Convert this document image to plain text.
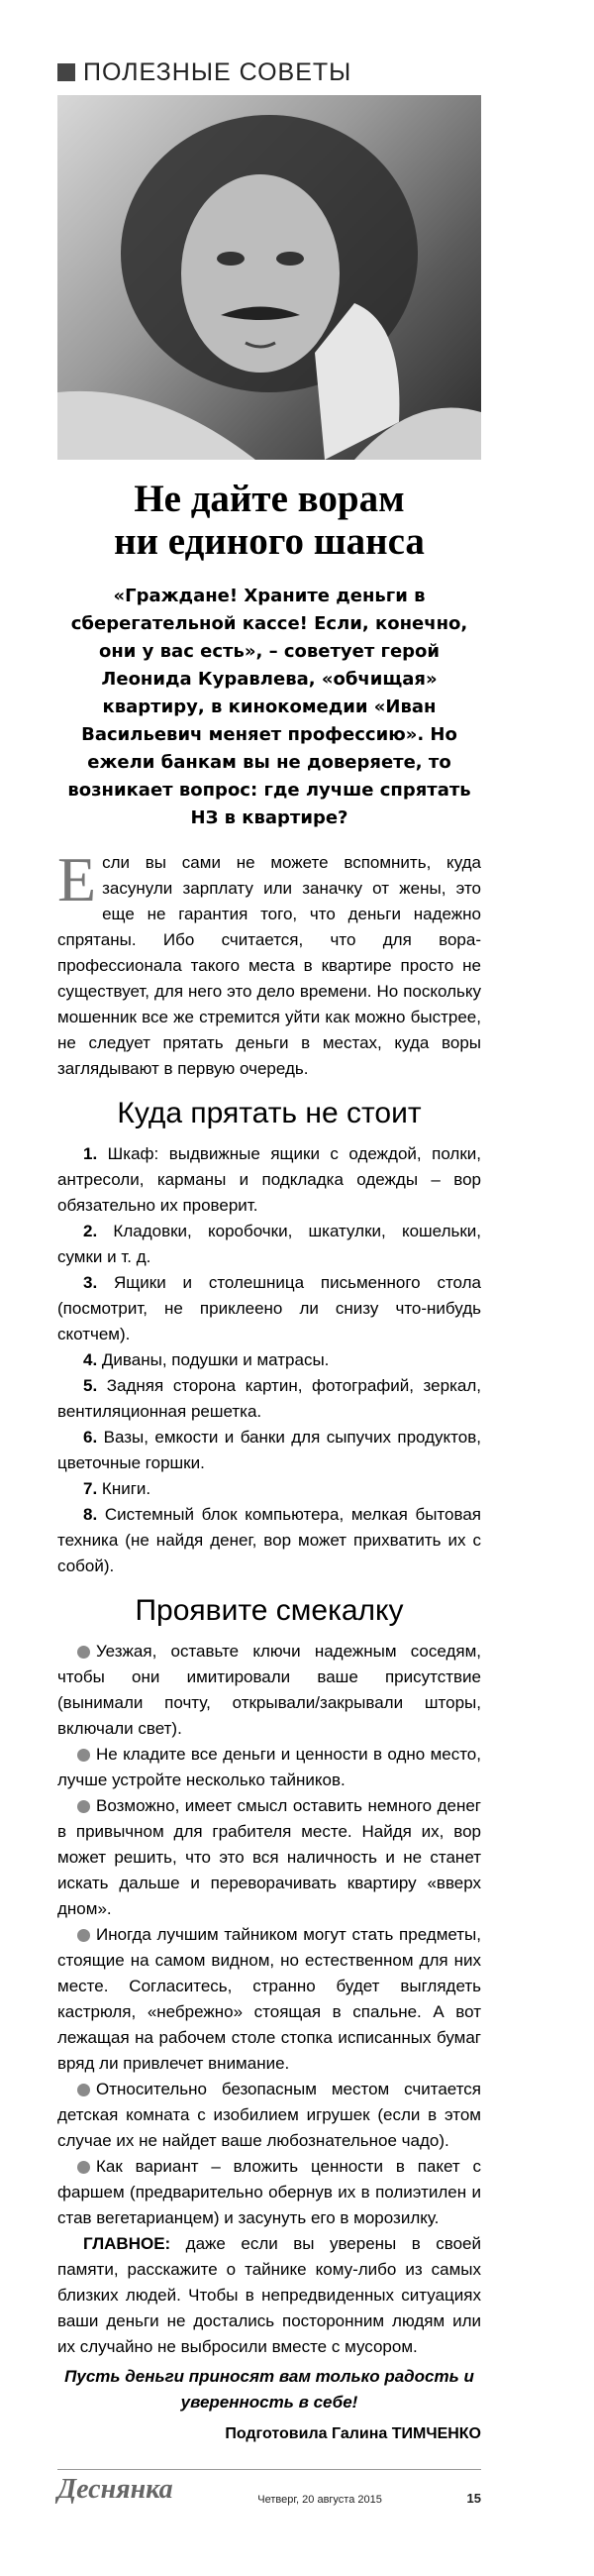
ПОЛЕЗНЫЕ СОВЕТЫ
Не дайте ворам
ни единого шанса
«Граждане! Храните деньги в сберегательной кассе! Если, конечно, они у вас есть», – советует герой Леонида Куравлева, «обчищая» квартиру, в кинокомедии «Иван Васильевич меняет профессию». Но ежели банкам вы не доверяете, то возникает вопрос: где лучше спрятать НЗ в квартире?
Если вы сами не можете вспомнить, куда засунули зарплату или заначку от жены, это еще не гарантия того, что деньги надежно спрятаны. Ибо считается, что для вора-профессионала такого места в квартире просто не существует, для него это дело времени. Но поскольку мошенник все же стремится уйти как можно быстрее, не следует прятать деньги в местах, куда воры заглядывают в первую очередь.
Куда прятать не стоит
1. Шкаф: выдвижные ящики с одеждой, полки, антресоли, карманы и подкладка одежды – вор обязательно их проверит.
2. Кладовки, коробочки, шкатулки, кошельки, сумки и т. д.
3. Ящики и столешница письменного стола (посмотрит, не приклеено ли снизу что-нибудь скотчем).
4. Диваны, подушки и матрасы.
5. Задняя сторона картин, фотографий, зеркал, вентиляционная решетка.
6. Вазы, емкости и банки для сыпучих продуктов, цветочные горшки.
7. Книги.
8. Системный блок компьютера, мелкая бытовая техника (не найдя денег, вор может прихватить их с собой).
Проявите смекалку
Уезжая, оставьте ключи надежным соседям, чтобы они имитировали ваше присутствие (вынимали почту, открывали/закрывали шторы, включали свет).
Не кладите все деньги и ценности в одно место, лучше устройте несколько тайников.
Возможно, имеет смысл оставить немного денег в привычном для грабителя месте. Найдя их, вор может решить, что это вся наличность и не станет искать дальше и переворачивать квартиру «вверх дном».
Иногда лучшим тайником могут стать предметы, стоящие на самом видном, но естественном для них месте. Согласитесь, странно будет выглядеть кастрюля, «небрежно» стоящая в спальне. А вот лежащая на рабочем столе стопка исписанных бумаг вряд ли привлечет внимание.
Относительно безопасным местом считается детская комната с изобилием игрушек (если в этом случае их не найдет ваше любознательное чадо).
Как вариант – вложить ценности в пакет с фаршем (предварительно обернув их в полиэтилен и став вегетарианцем) и засунуть его в морозилку.
ГЛАВНОЕ: даже если вы уверены в своей памяти, расскажите о тайнике кому-либо из самых близких людей. Чтобы в непредвиденных ситуациях ваши деньги не достались посторонним людям или их случайно не выбросили вместе с мусором.
Пусть деньги приносят вам только радость и уверенность в себе!
Подготовила Галина ТИМЧЕНКО
Деснянка	Четверг, 20 августа 2015	15
